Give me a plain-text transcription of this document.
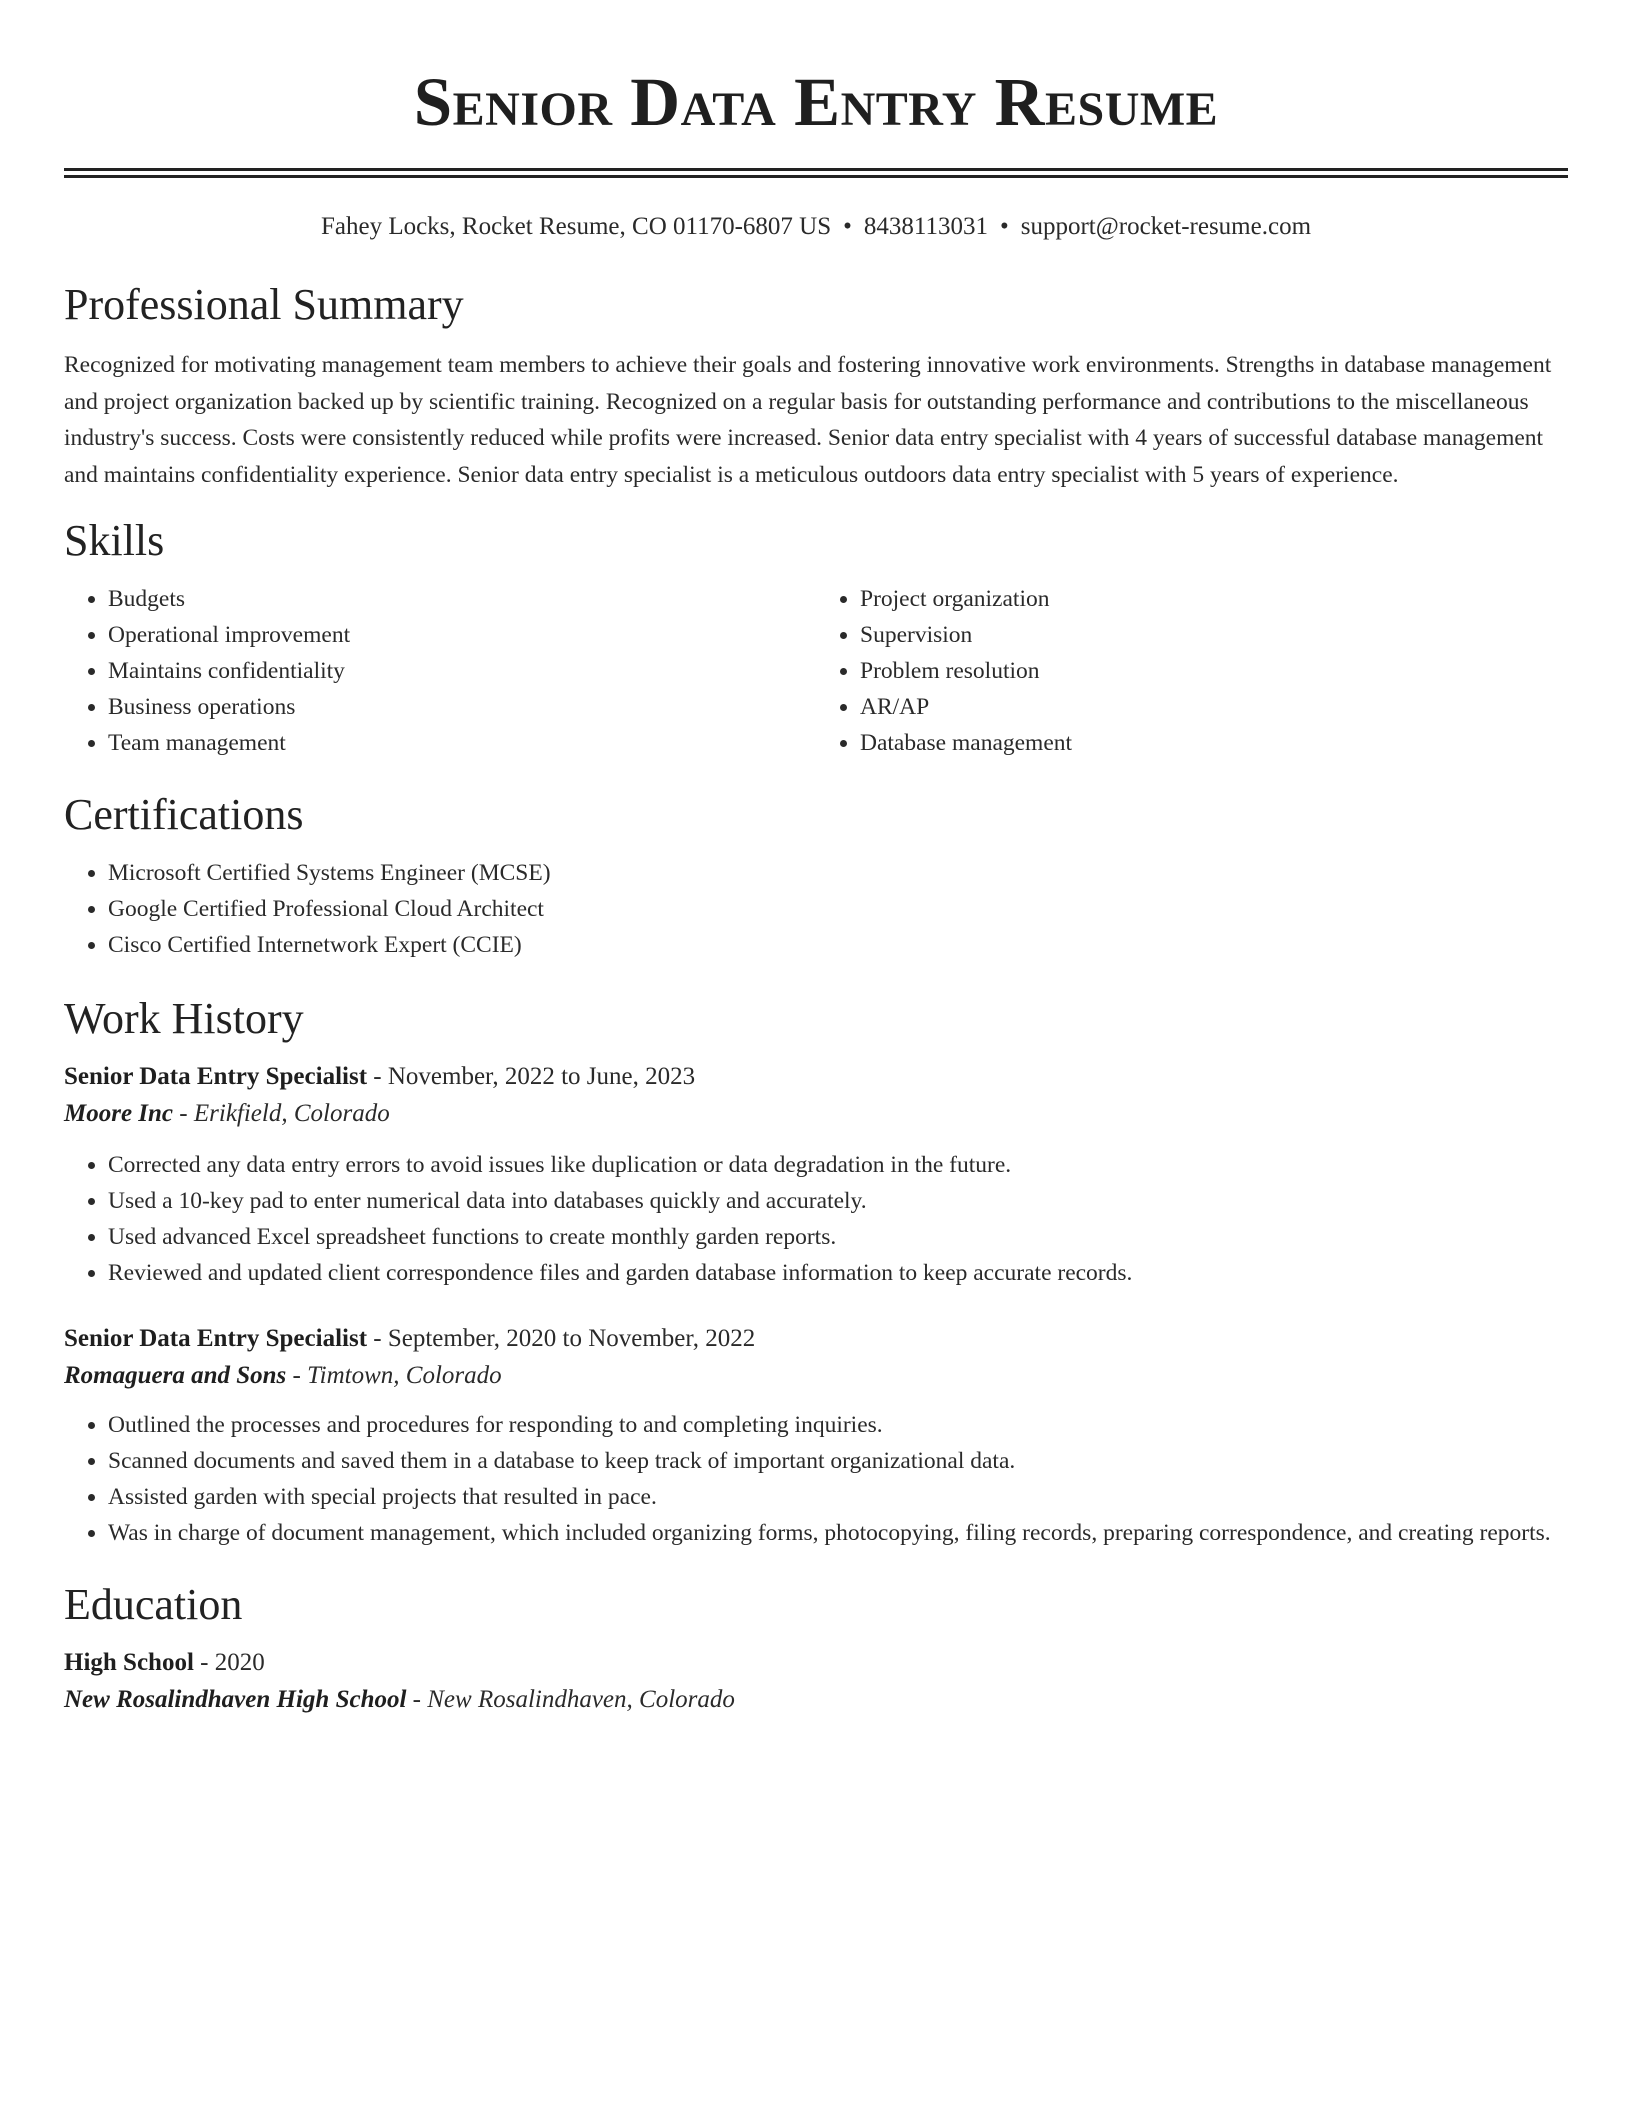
Senior Data Entry Resume
Fahey Locks, Rocket Resume, CO 01170-6807 US • 8438113031 • support@rocket-resume.com
Professional Summary

Recognized for motivating management team members to achieve their goals and fostering innovative work environments. Strengths in database management and project organization backed up by scientific training. Recognized on a regular basis for outstanding performance and contributions to the miscellaneous industry's success. Costs were consistently reduced while profits were increased. Senior data entry specialist with 4 years of successful database management and maintains confidentiality experience. Senior data entry specialist is a meticulous outdoors data entry specialist with 5 years of experience.

Skills
• Budgets
• Operational improvement
• Maintains confidentiality
• Business operations
• Team management
• Project organization
• Supervision
• Problem resolution
• AR/AP
• Database management
Certifications
• Microsoft Certified Systems Engineer (MCSE)
• Google Certified Professional Cloud Architect
• Cisco Certified Internetwork Expert (CCIE)
Work History
Senior Data Entry Specialist - November, 2022 to June, 2023
Moore Inc - Erikfield, Colorado
• Corrected any data entry errors to avoid issues like duplication or data degradation in the future.
• Used a 10-key pad to enter numerical data into databases quickly and accurately.
• Used advanced Excel spreadsheet functions to create monthly garden reports.
• Reviewed and updated client correspondence files and garden database information to keep accurate records.
Senior Data Entry Specialist - September, 2020 to November, 2022
Romaguera and Sons - Timtown, Colorado
• Outlined the processes and procedures for responding to and completing inquiries.
• Scanned documents and saved them in a database to keep track of important organizational data.
• Assisted garden with special projects that resulted in pace.
• Was in charge of document management, which included organizing forms, photocopying, filing records, preparing correspondence, and creating reports.
Education
High School - 2020
New Rosalindhaven High School - New Rosalindhaven, Colorado
